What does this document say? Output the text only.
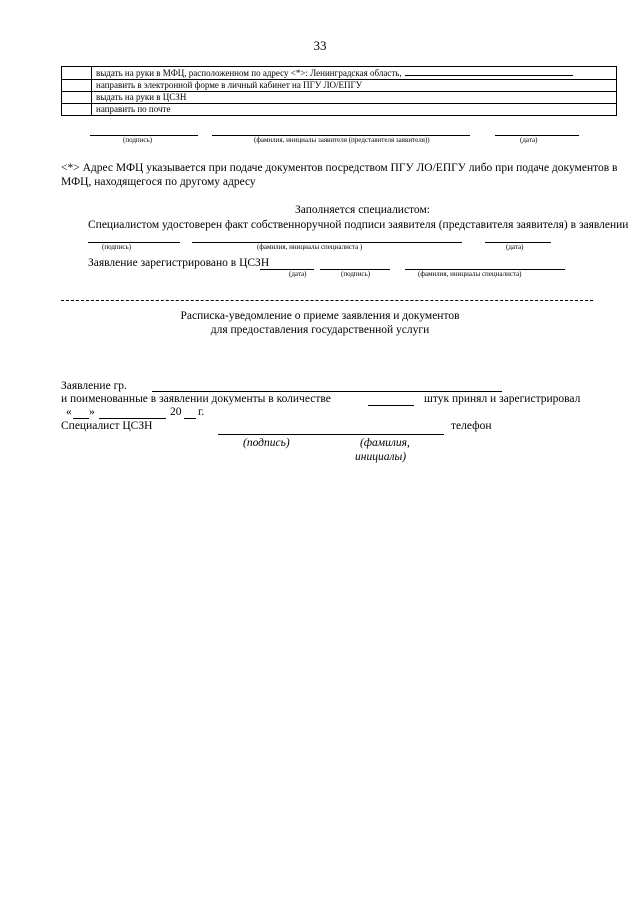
33
	выдать на руки в МФЦ, расположенном по адресу <*>: Ленинградская область,
	направить в электронной форме в личный кабинет на ПГУ ЛО/ЕПГУ
	выдать на руки в ЦСЗН
	направить по почте
(подпись)	(фамилия, инициалы заявителя (представителя заявителя))	(дата)
<*> Адрес МФЦ указывается при подаче документов посредством ПГУ ЛО/ЕПГУ либо при подаче документов в
МФЦ, находящегося по другому адресу
Заполняется специалистом:
Специалистом удостоверен факт собственноручной подписи заявителя (представителя заявителя) в заявлении
(подпись)	(фамилия, инициалы специалиста )	(дата)
Заявление зарегистрировано в ЦСЗН
(дата)	(подпись)	(фамилия, инициалы специалиста)
Расписка-уведомление о приеме заявления и документов
для предоставления государственной услуги
Заявление гр.
и поименованные в заявлении документы в количестве	штук принял и зарегистрировал
« »	20 г.
Специалист ЦСЗН	телефон
(подпись)	(фамилия,
инициалы)
